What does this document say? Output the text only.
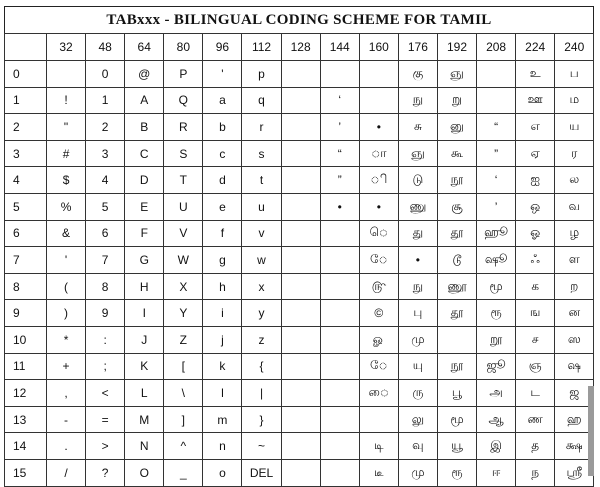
TABxxx - BILINGUAL CODING SCHEME FOR TAMIL
	32	48	64	80	96	112	128	144	160	176	192	208	224	240
0		0	@	P	'	p				கு	ஞு		உ	ப
1	!	1	A	Q	a	q		‘		நு	று		ஊ	ம
2	"	2	B	R	b	r		’	•	சு	னு	“	எ	ய
3	#	3	C	S	c	s		“	ா	ஞு	கூ	”	ஏ	ர
4	$	4	D	T	d	t		”	ி	டு	நூ	‘	ஐ	ல
5	%	5	E	U	e	u		•	•	ணு	சூ	’	ஒ	வ
6	&	6	F	V	f	v			ெ	து	தூ	ஹூ	ஓ	ழ
7	'	7	G	W	g	w			ே	•	டூ	ஷூ	ஃ	ள
8	(	8	H	X	h	x			௹	நு	ணூ	மூ	க	ற
9	)	9	I	Y	i	y			©	பு	தூ	ரூ	ங	ன
10	*	:	J	Z	j	z			ௐ	மு		றூ	ச	ஸ
11	+	;	K	[	k	{			ே	யு	நூ	ஜூ	ஞ	ஷ
12	,	<	L	\	l	|			ை	ரு	பூ	அ	ட	ஜ
13	-	=	M	]	m	}				லு	மூ	ஆ	ண	ஹ
14	.	>	N	^	n	~			டி	வு	யூ	இ	த	க்ஷ
15	/	?	O	_	o	DEL			டீ	மு	ரூ	ஈ	ந	ஸ்ரீ
